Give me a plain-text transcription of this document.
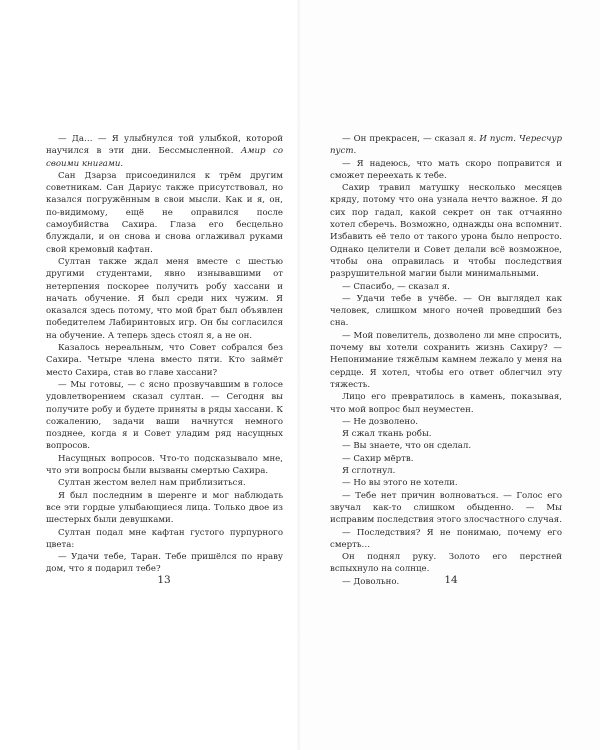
— Да… — Я улыбнулся той улыбкой, которой научился в эти дни. Бессмысленной. Амир со своими книгами.

Сан Дзарза присоединился к трём другим советникам. Сан Дариус также присутствовал, но казался погружённым в свои мысли. Как и я, он, по-видимому, ещё не оправился после самоубийства Сахира. Глаза его бесцельно блуждали, и он снова и снова оглаживал руками свой кремовый кафтан.

Султан также ждал меня вместе с шестью другими студентами, явно изнывавшими от нетерпения поскорее получить робу хассани и начать обучение. Я был среди них чужим. Я оказался здесь потому, что мой брат был объявлен победителем Лабиринтовых игр. Он бы согласился на обучение. А теперь здесь стоял я, а не он.

Казалось нереальным, что Совет собрался без Сахира. Четыре члена вместо пяти. Кто займёт место Сахира, став во главе хассани?

— Мы готовы, — с ясно прозвучавшим в голосе удовлетворением сказал султан. — Сегодня вы получите робу и будете приняты в ряды хассани. К сожалению, задачи ваши начнутся немного позднее, когда я и Совет уладим ряд насущных вопросов.

Насущных вопросов. Что-то подсказывало мне, что эти вопросы были вызваны смертью Сахира.

Султан жестом велел нам приблизиться.

Я был последним в шеренге и мог наблюдать все эти гордые улыбающиеся лица. Только двое из шестерых были девушками.

Султан подал мне кафтан густого пурпурного цвета:

— Удачи тебе, Таран. Тебе пришёлся по нраву дом, что я подарил тебе?

13

— Он прекрасен, — сказал я. И пуст. Чересчур пуст.

— Я надеюсь, что мать скоро поправится и сможет переехать к тебе.

Сахир травил матушку несколько месяцев кряду, потому что она узнала нечто важное. Я до сих пор гадал, какой секрет он так отчаянно хотел сберечь. Возможно, однажды она вспомнит. Избавить её тело от такого урона было непросто. Однако целители и Совет делали всё возможное, чтобы она оправилась и чтобы последствия разрушительной магии были минимальными.

— Спасибо, — сказал я.

— Удачи тебе в учёбе. — Он выглядел как человек, слишком много ночей проведший без сна.

— Мой повелитель, дозволено ли мне спросить, почему вы хотели сохранить жизнь Сахиру? — Непонимание тяжёлым камнем лежало у меня на сердце. Я хотел, чтобы его ответ облегчил эту тяжесть.

Лицо его превратилось в камень, показывая, что мой вопрос был неуместен.

— Не дозволено.

Я сжал ткань робы.

— Вы знаете, что он сделал.

— Сахир мёртв.

Я сглотнул.

— Но вы этого не хотели.

— Тебе нет причин волноваться. — Голос его звучал как-то слишком обыденно. — Мы исправим последствия этого злосчастного случая.

— Последствия? Я не понимаю, почему его смерть…

Он поднял руку. Золото его перстней вспыхнуло на солнце.

— Довольно.	14
